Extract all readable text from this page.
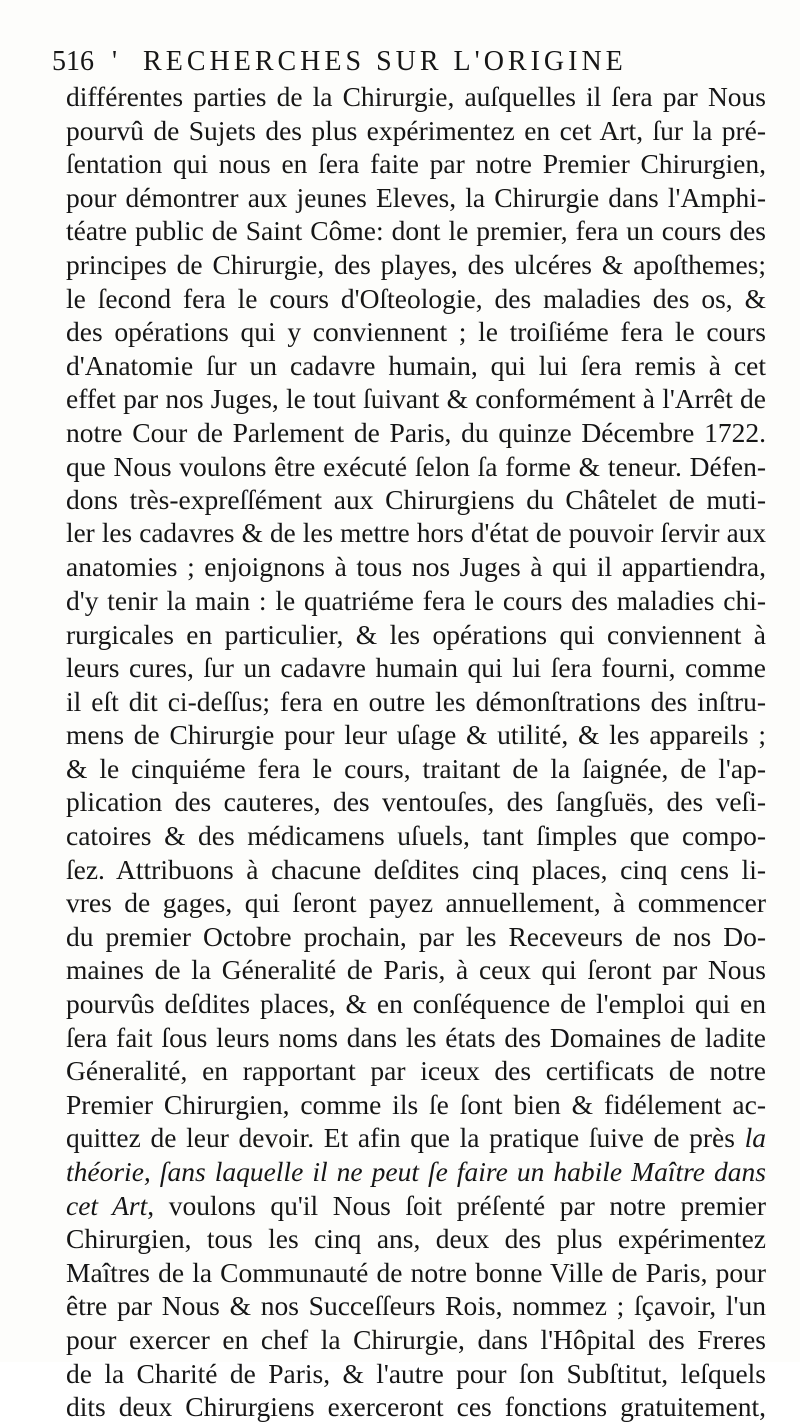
516 ' RECHERCHES SUR L'ORIGINE
différentes parties de la Chirurgie, auſquelles il ſera par Nous
pourvû de Sujets des plus expérimentez en cet Art, ſur la pré-
ſentation qui nous en ſera faite par notre Premier Chirurgien,
pour démontrer aux jeunes Eleves, la Chirurgie dans l'Amphi-
téatre public de Saint Côme: dont le premier, fera un cours des
principes de Chirurgie, des playes, des ulcéres & apoſthemes;
le ſecond fera le cours d'Oſteologie, des maladies des os, &
des opérations qui y conviennent ; le troiſiéme fera le cours
d'Anatomie ſur un cadavre humain, qui lui ſera remis à cet
effet par nos Juges, le tout ſuivant & conformément à l'Arrêt de
notre Cour de Parlement de Paris, du quinze Décembre 1722.
que Nous voulons être exécuté ſelon ſa forme & teneur. Défen-
dons très-expreſſément aux Chirurgiens du Châtelet de muti-
ler les cadavres & de les mettre hors d'état de pouvoir ſervir aux
anatomies ; enjoignons à tous nos Juges à qui il appartiendra,
d'y tenir la main : le quatriéme fera le cours des maladies chi-
rurgicales en particulier, & les opérations qui conviennent à
leurs cures, ſur un cadavre humain qui lui ſera fourni, comme
il eſt dit ci-deſſus; fera en outre les démonſtrations des inſtru-
mens de Chirurgie pour leur uſage & utilité, & les appareils ;
& le cinquiéme fera le cours, traitant de la ſaignée, de l'ap-
plication des cauteres, des ventouſes, des ſangſuës, des veſi-
catoires & des médicamens uſuels, tant ſimples que compo-
ſez. Attribuons à chacune deſdites cinq places, cinq cens li-
vres de gages, qui ſeront payez annuellement, à commencer
du premier Octobre prochain, par les Receveurs de nos Do-
maines de la Géneralité de Paris, à ceux qui ſeront par Nous
pourvûs deſdites places, & en conſéquence de l'emploi qui en
ſera fait ſous leurs noms dans les états des Domaines de ladite
Géneralité, en rapportant par iceux des certificats de notre
Premier Chirurgien, comme ils ſe ſont bien & fidélement ac-
quittez de leur devoir. Et afin que la pratique ſuive de près la
théorie, ſans laquelle il ne peut ſe faire un habile Maître dans
cet Art, voulons qu'il Nous ſoit préſenté par notre premier
Chirurgien, tous les cinq ans, deux des plus expérimentez
Maîtres de la Communauté de notre bonne Ville de Paris, pour
être par Nous & nos Succeſſeurs Rois, nommez ; ſçavoir, l'un
pour exercer en chef la Chirurgie, dans l'Hôpital des Freres
de la Charité de Paris, & l'autre pour ſon Subſtitut, leſquels
dits deux Chirurgiens exerceront ces fonctions gratuitement,
